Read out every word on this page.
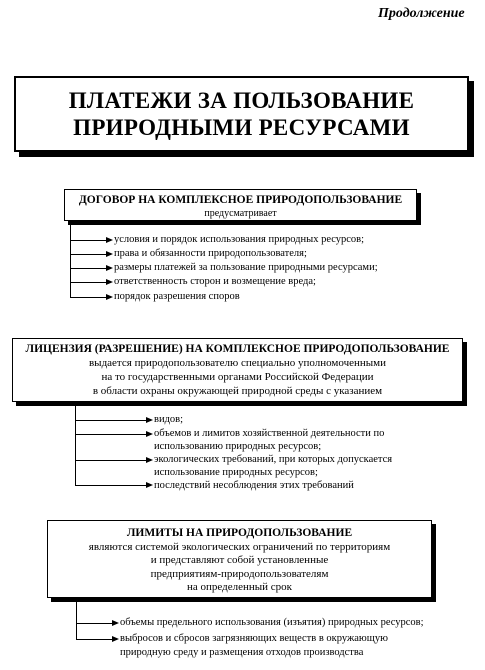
Продолжение
ПЛАТЕЖИ ЗА ПОЛЬЗОВАНИЕ
ПРИРОДНЫМИ РЕСУРСАМИ
ДОГОВОР НА КОМПЛЕКСНОЕ ПРИРОДОПОЛЬЗОВАНИЕ
предусматривает
условия и порядок использования природных ресурсов;
права и обязанности природопользователя;
размеры платежей за пользование природными ресурсами;
ответственность сторон и возмещение вреда;
порядок разрешения споров
ЛИЦЕНЗИЯ (РАЗРЕШЕНИЕ) НА КОМПЛЕКСНОЕ ПРИРОДОПОЛЬЗОВАНИЕ
выдается природопользователю специально уполномоченными
на то государственными органами Российской Федерации
в области охраны окружающей природной среды с указанием
видов;
объемов и лимитов хозяйственной деятельности по
использованию природных ресурсов;
экологических требований, при которых допускается
использование природных ресурсов;
последствий несоблюдения этих требований
ЛИМИТЫ НА ПРИРОДОПОЛЬЗОВАНИЕ
являются системой экологических ограничений по территориям
и представляют собой установленные
предприятиям-природопользователям
на определенный срок
объемы предельного использования (изъятия) природных ресурсов;
выбросов и сбросов загрязняющих веществ в окружающую
природную среду и размещения отходов производства
